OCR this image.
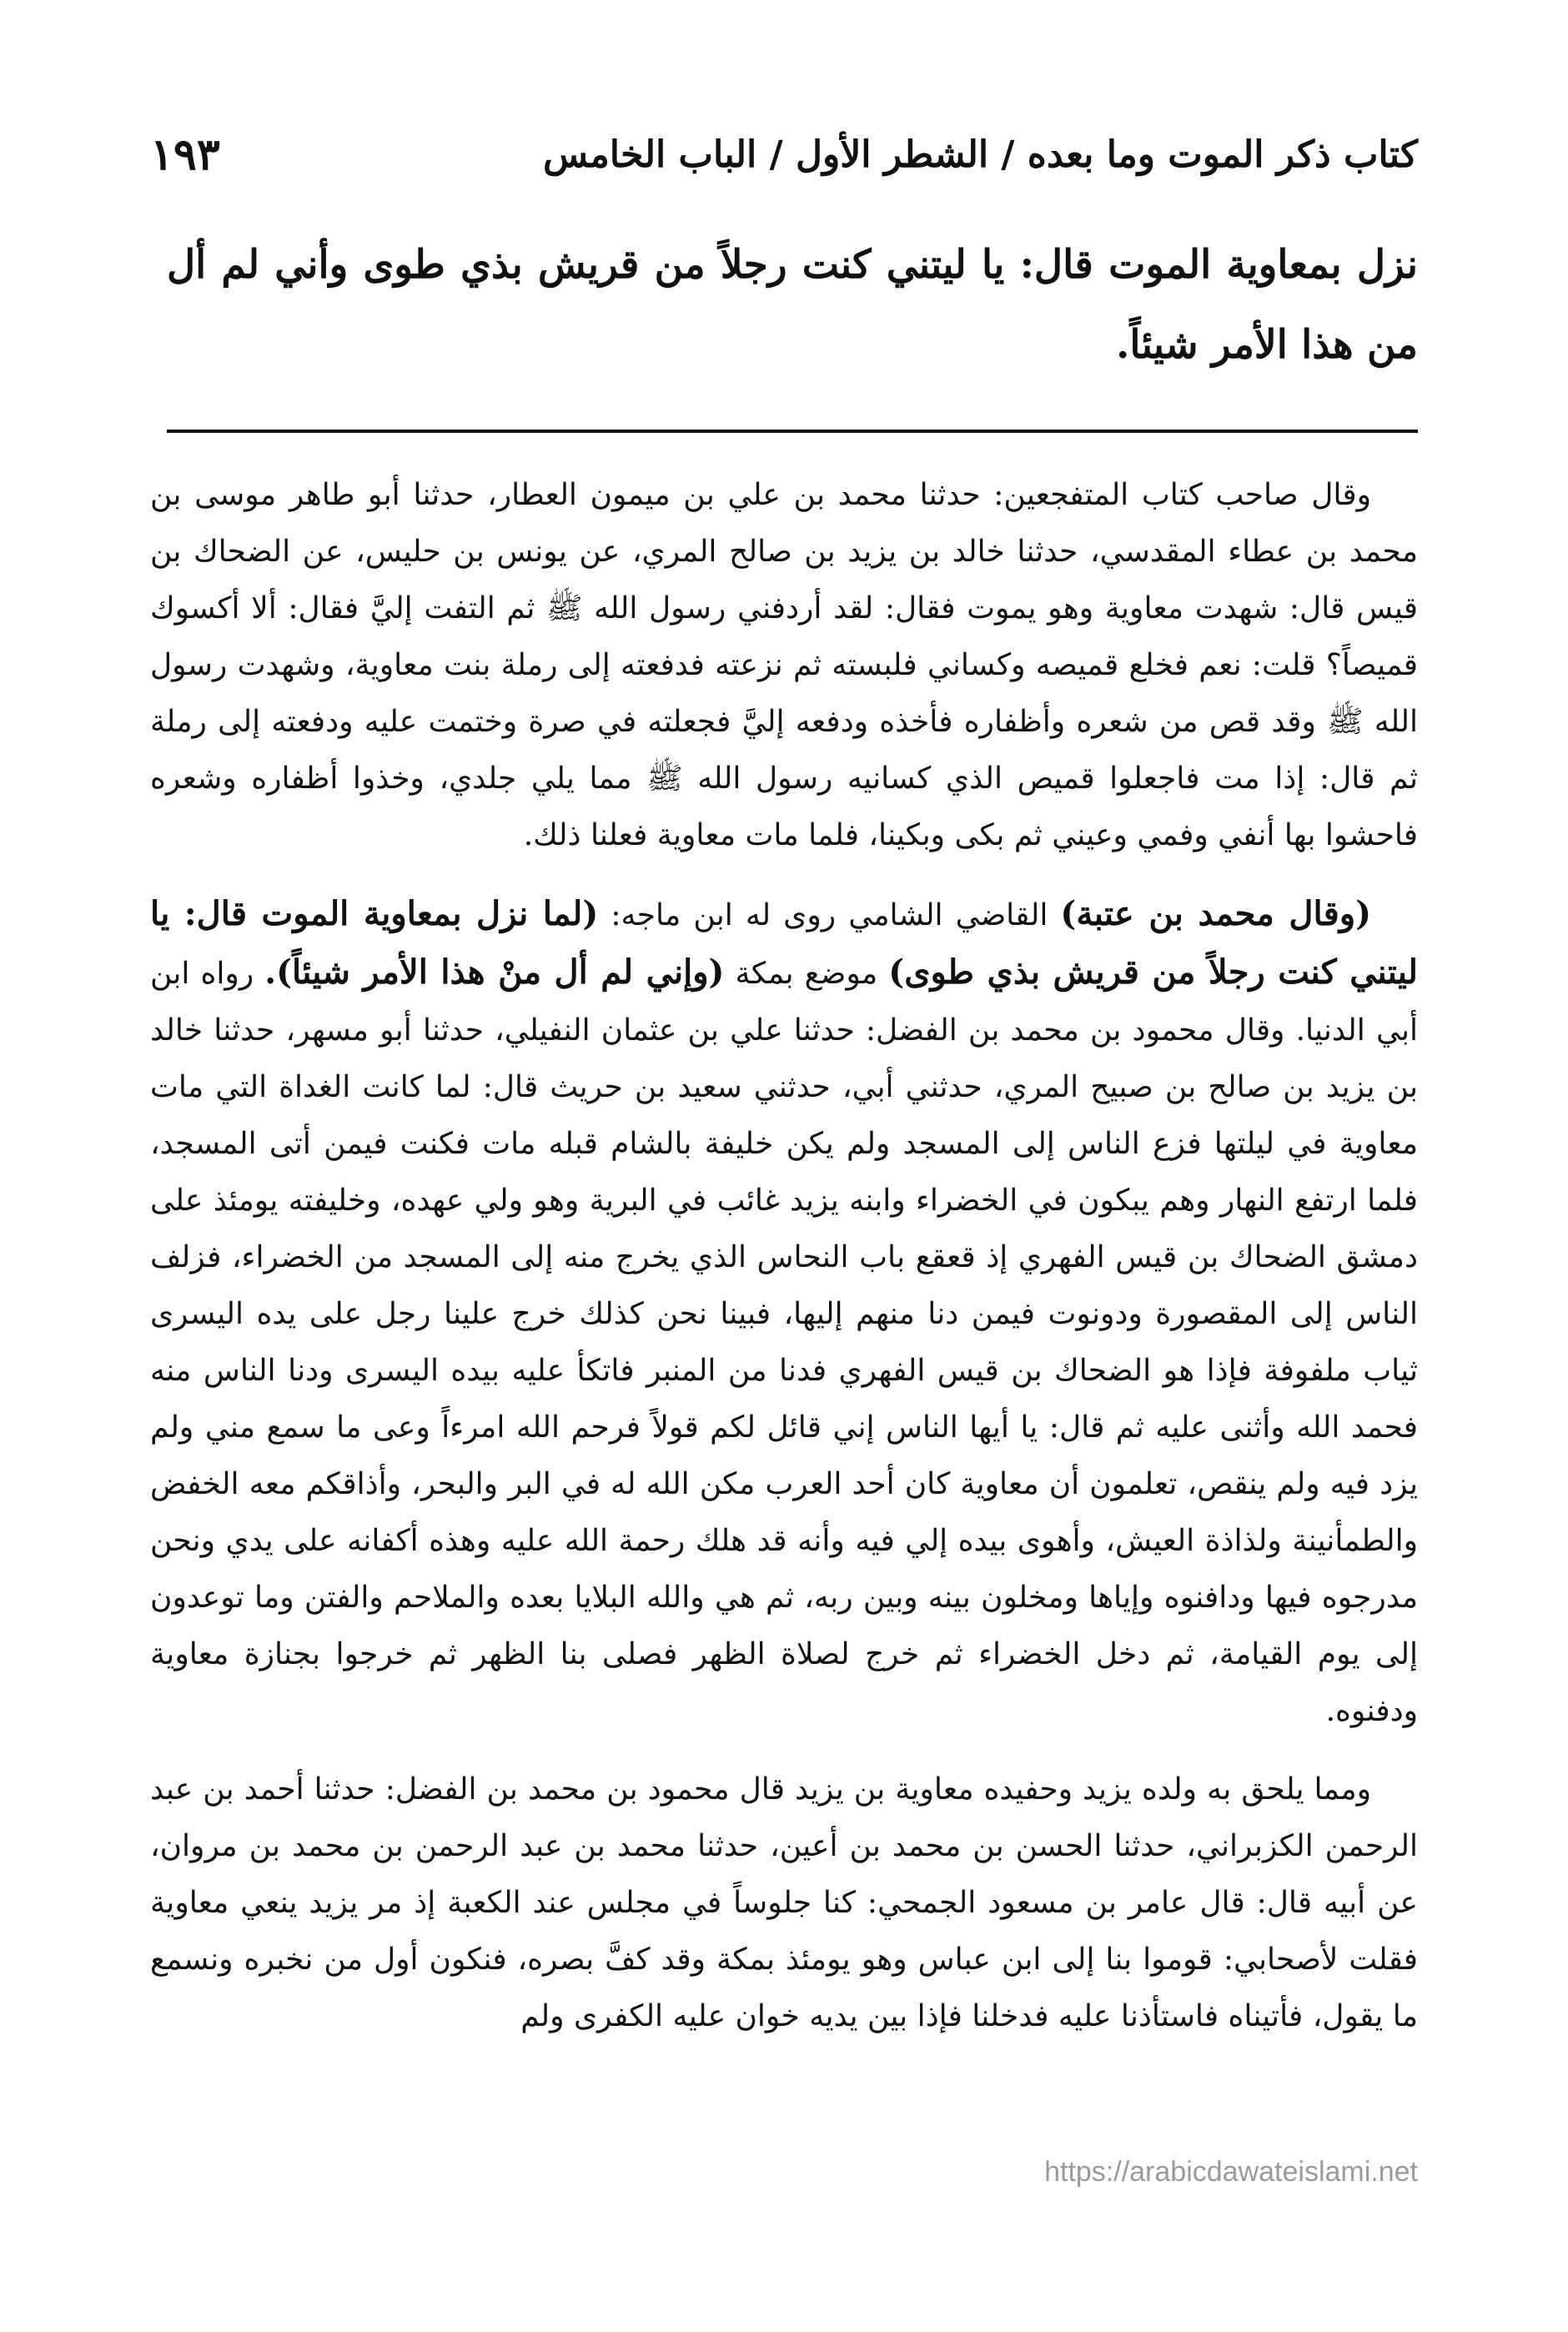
كتاب ذكر الموت وما بعده / الشطر الأول / الباب الخامس
١٩٣
نزل بمعاوية الموت قال: يا ليتني كنت رجلاً من قريش بذي طوى وأني لم أل من هذا الأمر شيئاً.

وقال صاحب كتاب المتفجعين: حدثنا محمد بن علي بن ميمون العطار، حدثنا أبو طاهر موسى بن محمد بن عطاء المقدسي، حدثنا خالد بن يزيد بن صالح المري، عن يونس بن حليس، عن الضحاك بن قيس قال: شهدت معاوية وهو يموت فقال: لقد أردفني رسول الله ﷺ ثم التفت إليَّ فقال: ألا أكسوك قميصاً؟ قلت: نعم فخلع قميصه وكساني فلبسته ثم نزعته فدفعته إلى رملة بنت معاوية، وشهدت رسول الله ﷺ وقد قص من شعره وأظفاره فأخذه ودفعه إليَّ فجعلته في صرة وختمت عليه ودفعته إلى رملة ثم قال: إذا مت فاجعلوا قميص الذي كسانيه رسول الله ﷺ مما يلي جلدي، وخذوا أظفاره وشعره فاحشوا بها أنفي وفمي وعيني ثم بكى وبكينا، فلما مات معاوية فعلنا ذلك.

(وقال محمد بن عتبة) القاضي الشامي روى له ابن ماجه: (لما نزل بمعاوية الموت قال: يا ليتني كنت رجلاً من قريش بذي طوى) موضع بمكة (وإني لم أل منْ هذا الأمر شيئاً). رواه ابن أبي الدنيا. وقال محمود بن محمد بن الفضل: حدثنا علي بن عثمان النفيلي، حدثنا أبو مسهر، حدثنا خالد بن يزيد بن صالح بن صبيح المري، حدثني أبي، حدثني سعيد بن حريث قال: لما كانت الغداة التي مات معاوية في ليلتها فزع الناس إلى المسجد ولم يكن خليفة بالشام قبله مات فكنت فيمن أتى المسجد، فلما ارتفع النهار وهم يبكون في الخضراء وابنه يزيد غائب في البرية وهو ولي عهده، وخليفته يومئذ على دمشق الضحاك بن قيس الفهري إذ قعقع باب النحاس الذي يخرج منه إلى المسجد من الخضراء، فزلف الناس إلى المقصورة ودونوت فيمن دنا منهم إليها، فبينا نحن كذلك خرج علينا رجل على يده اليسرى ثياب ملفوفة فإذا هو الضحاك بن قيس الفهري فدنا من المنبر فاتكأ عليه بيده اليسرى ودنا الناس منه فحمد الله وأثنى عليه ثم قال: يا أيها الناس إني قائل لكم قولاً فرحم الله امرءاً وعى ما سمع مني ولم يزد فيه ولم ينقص، تعلمون أن معاوية كان أحد العرب مكن الله له في البر والبحر، وأذاقكم معه الخفض والطمأنينة ولذاذة العيش، وأهوى بيده إلي فيه وأنه قد هلك رحمة الله عليه وهذه أكفانه على يدي ونحن مدرجوه فيها ودافنوه وإياها ومخلون بينه وبين ربه، ثم هي والله البلايا بعده والملاحم والفتن وما توعدون إلى يوم القيامة، ثم دخل الخضراء ثم خرج لصلاة الظهر فصلى بنا الظهر ثم خرجوا بجنازة معاوية ودفنوه.

ومما يلحق به ولده يزيد وحفيده معاوية بن يزيد قال محمود بن محمد بن الفضل: حدثنا أحمد بن عبد الرحمن الكزبراني، حدثنا الحسن بن محمد بن أعين، حدثنا محمد بن عبد الرحمن بن محمد بن مروان، عن أبيه قال: قال عامر بن مسعود الجمحي: كنا جلوساً في مجلس عند الكعبة إذ مر يزيد ينعي معاوية فقلت لأصحابي: قوموا بنا إلى ابن عباس وهو يومئذ بمكة وقد كفَّ بصره، فنكون أول من نخبره ونسمع ما يقول، فأتيناه فاستأذنا عليه فدخلنا فإذا بين يديه خوان عليه الكفرى ولم

https://arabicdawateislami.net
